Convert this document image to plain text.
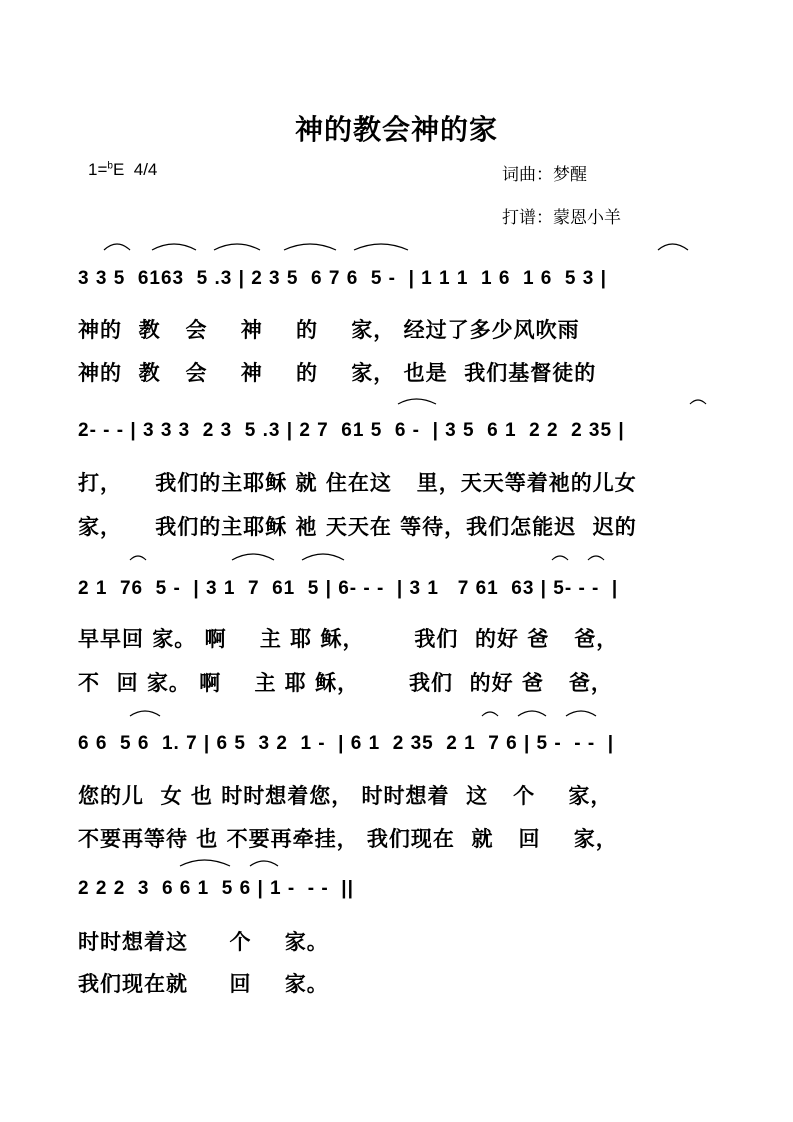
神的教会神的家
1=$^b$E 4/4	词曲：梦醒
打谱：蒙恩小羊
3 3 5  6163  5 .3 | 2 3 5  6 7 6  5 -  | 1 1 1  1 6  1 6  5 3 |
神的  教   会    神    的    家， 经过了多少风吹雨
神的  教   会    神    的    家， 也是  我们基督徒的
2- - - | 3 3 3  2 3  5 .3 | 2 7  61 5  6 -  | 3 5  6 1  2 2  2 35 |
打，    我们的主耶稣 就 住在这   里，天天等着祂的儿女
家，    我们的主耶稣 祂 天天在 等待，我们怎能迟  迟的
2 1  76  5 -  | 3 1  7  61  5 | 6- - -  | 3 1   7 61  63 | 5- - -  |
早早回 家。 啊    主 耶 稣，      我们  的好 爸   爸，
不  回 家。 啊    主 耶 稣，      我们  的好 爸   爸，
6 6  5 6  1. 7 | 6 5  3 2  1 -  | 6 1  2 35  2 1  7 6 | 5 -  - -  |
您的儿  女 也 时时想着您， 时时想着  这   个    家，
不要再等待 也 不要再牵挂， 我们现在  就   回    家，
2 2 2  3  6 6 1  5 6 | 1 -  - -  ||
时时想着这     个    家。
我们现在就     回    家。
